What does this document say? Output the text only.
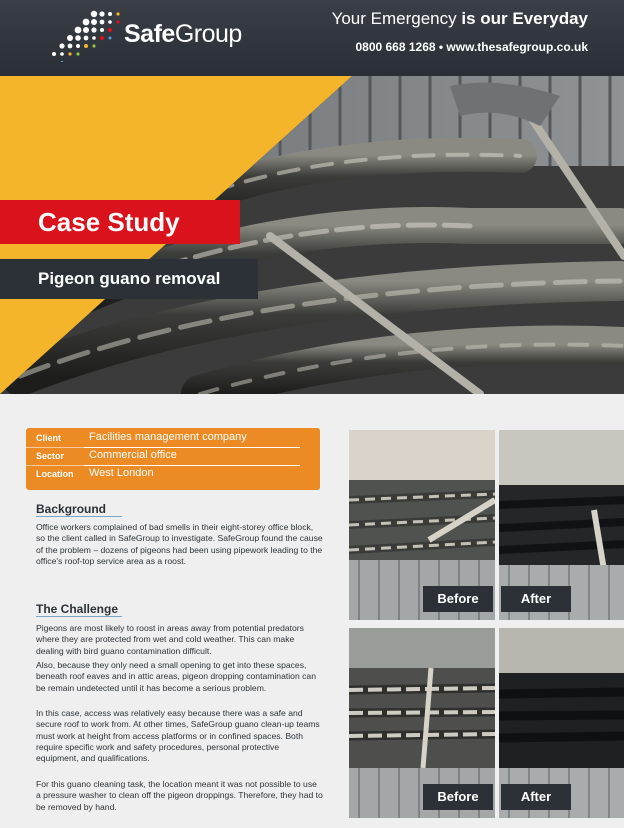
SafeGroup
Your Emergency is our Everyday
0800 668 1268 • www.thesafegroup.co.uk
Case Study
Pigeon guano removal
Client	Facilities management company
Sector Commercial office
Location West London
Background
Office workers complained of bad smells in their eight-storey office block, so the client called in SafeGroup to investigate. SafeGroup found the cause of the problem – dozens of pigeons had been using pipework leading to the office's roof-top service area as a roost.
The Challenge
Pigeons are most likely to roost in areas away from potential predators where they are protected from wet and cold weather. This can make dealing with bird guano contamination difficult.
Also, because they only need a small opening to get into these spaces, beneath roof eaves and in attic areas, pigeon dropping contamination can be remain undetected until it has become a serious problem.
In this case, access was relatively easy because there was a safe and secure roof to work from. At other times, SafeGroup guano clean-up teams must work at height from access platforms or in confined spaces. Both require specific work and safety procedures, personal protective equipment, and qualifications.
For this guano cleaning task, the location meant it was not possible to use a pressure washer to clean off the pigeon droppings. Therefore, they had to be removed by hand.
Before	After
Before	After
